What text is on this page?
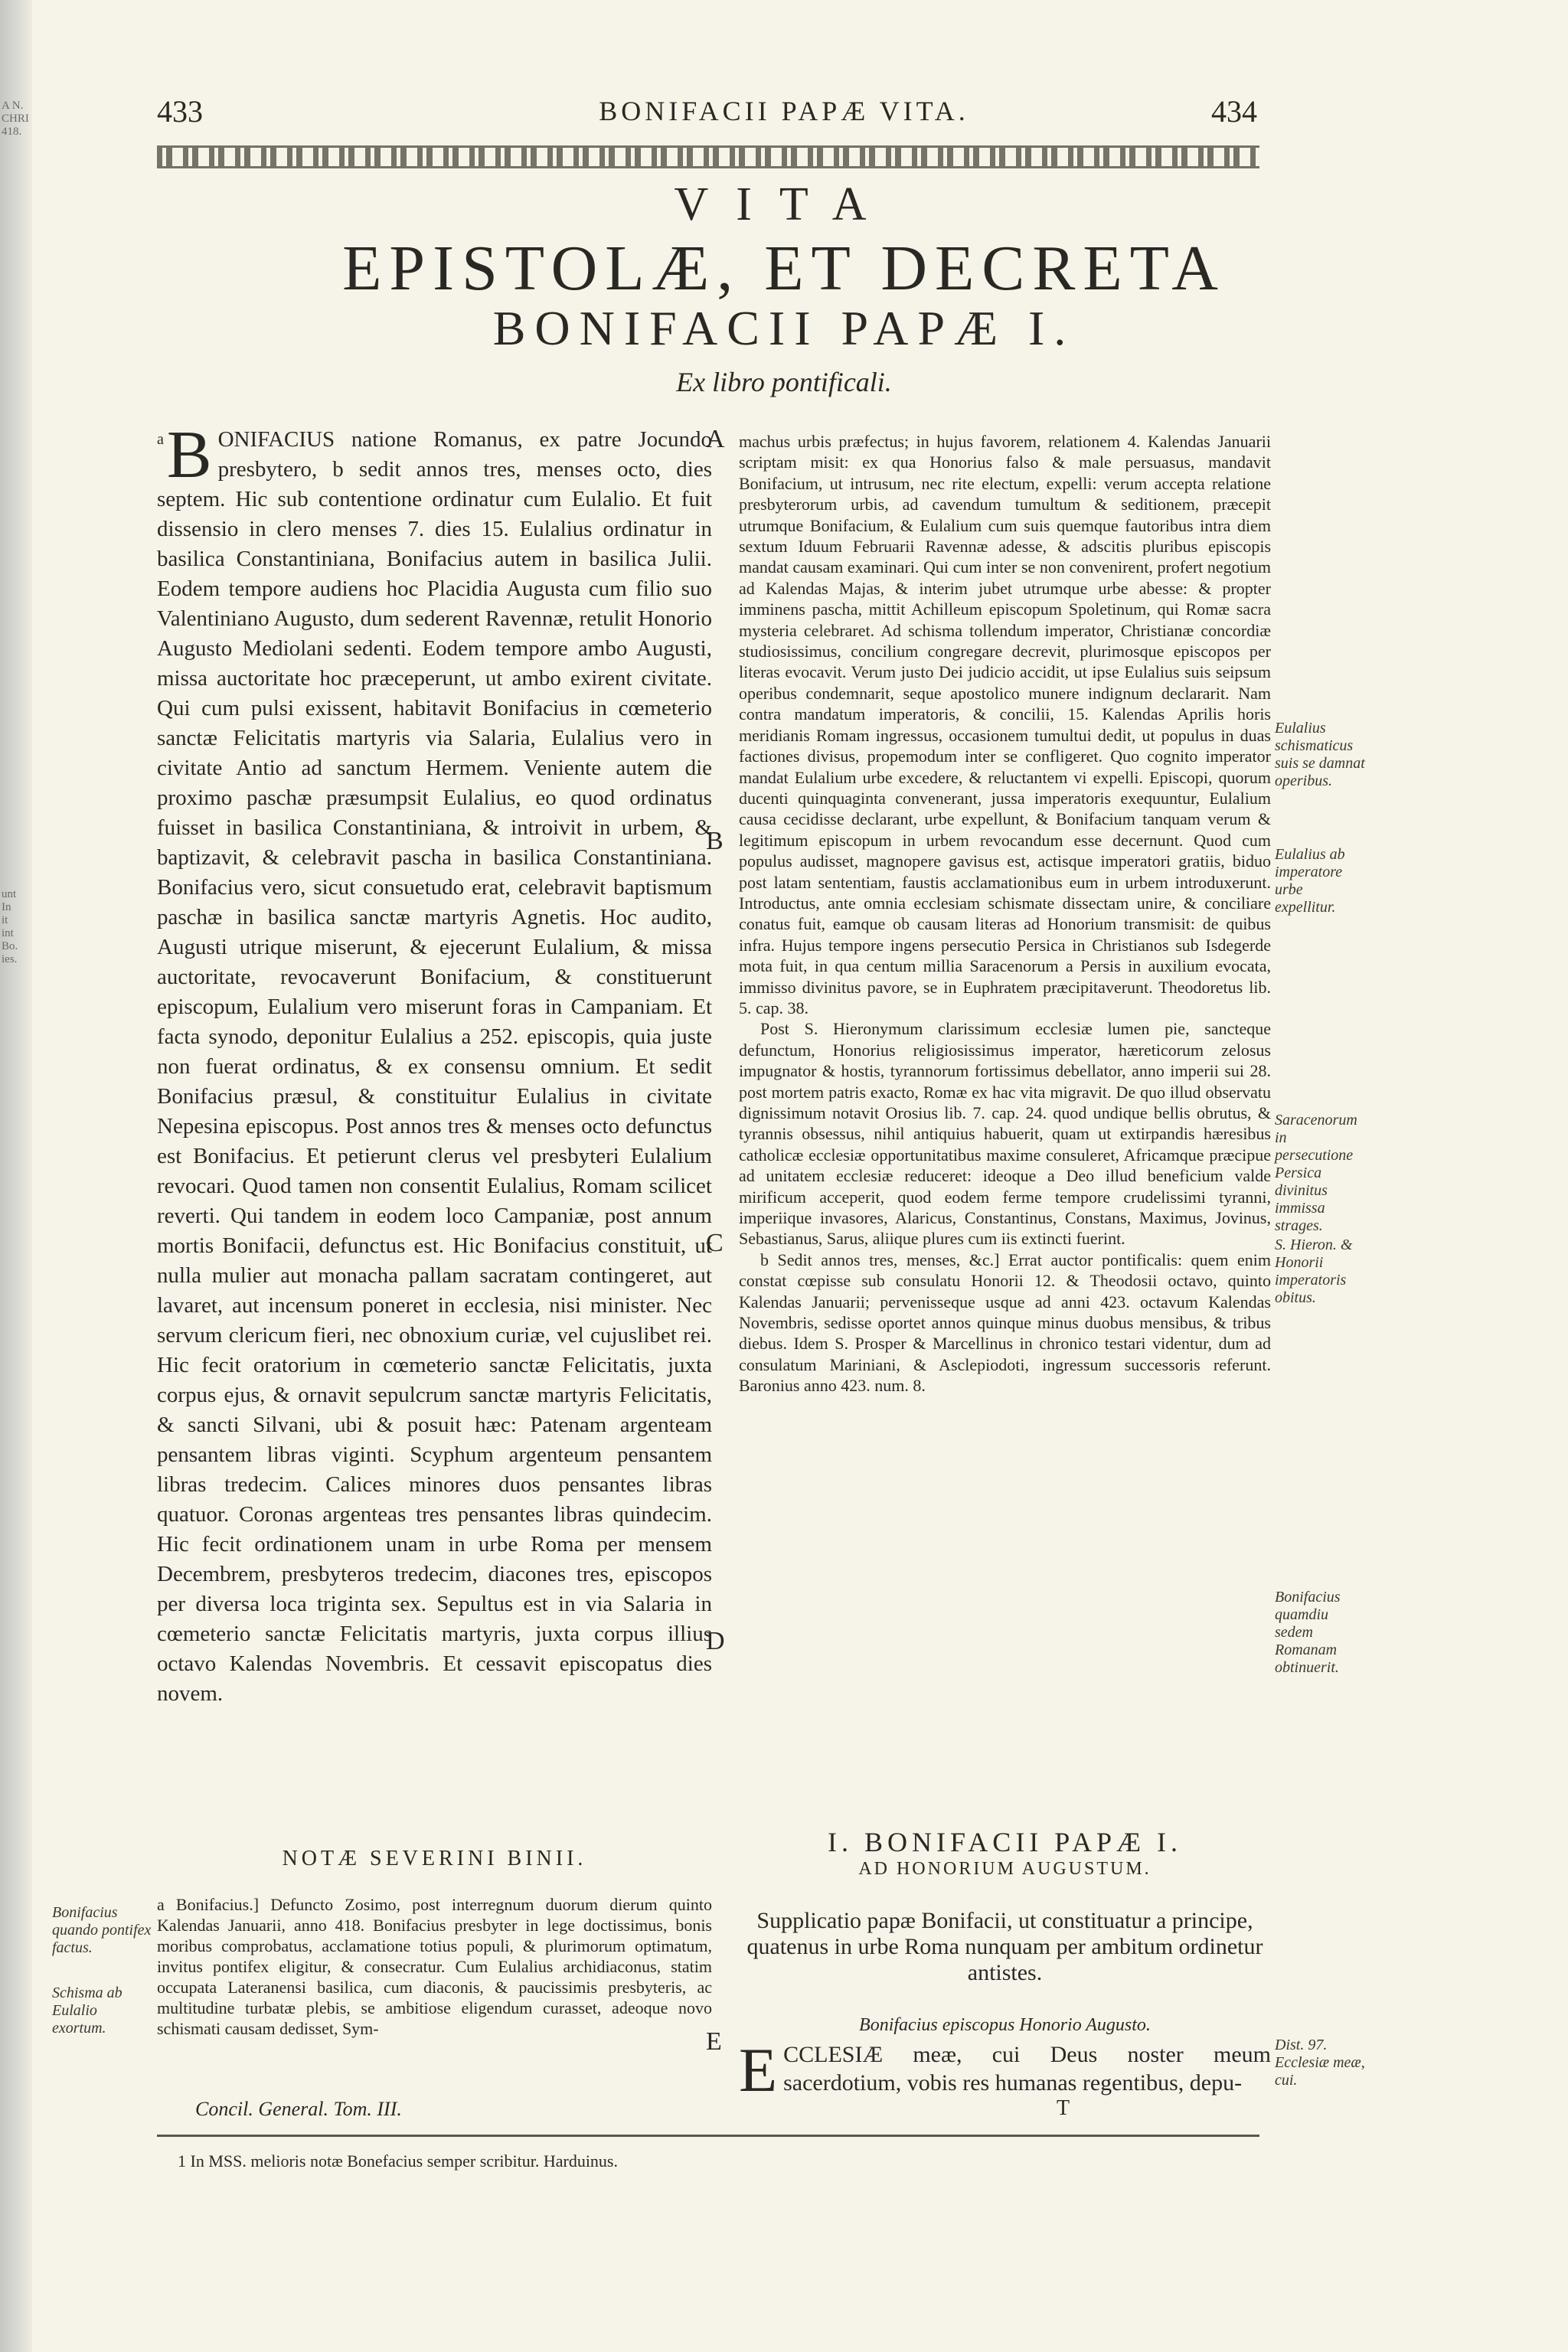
A N.
CHRI
418.
unt
In
it
int
Bo.
ies.
433	BONIFACII PAPÆ VITA.	434
VITA
EPISTOLÆ, ET DECRETA
BONIFACII PAPÆ I.
Ex libro pontificali.

a B ONIFACIUS natione Romanus, ex patre Jocundo presbytero, b sedit annos tres, menses octo, dies septem. Hic sub contentione ordinatur cum Eulalio. Et fuit dissensio in clero menses 7. dies 15. Eulalius ordinatur in basilica Constantiniana, Bonifacius autem in basilica Julii. Eodem tempore audiens hoc Placidia Augusta cum filio suo Valentiniano Augusto, dum sederent Ravennæ, retulit Honorio Augusto Mediolani sedenti. Eodem tempore ambo Augusti, missa auctoritate hoc præceperunt, ut ambo exirent civitate. Qui cum pulsi exissent, habitavit Bonifacius in cœmeterio sanctæ Felicitatis martyris via Salaria, Eulalius vero in civitate Antio ad sanctum Hermem. Veniente autem die proximo paschæ præsumpsit Eulalius, eo quod ordinatus fuisset in basilica Constantiniana, & introivit in urbem, & baptizavit, & celebravit pascha in basilica Constantiniana. Bonifacius vero, sicut consuetudo erat, celebravit baptismum paschæ in basilica sanctæ martyris Agnetis. Hoc audito, Augusti utrique miserunt, & ejecerunt Eulalium, & missa auctoritate, revocaverunt Bonifacium, & constituerunt episcopum, Eulalium vero miserunt foras in Campaniam. Et facta synodo, deponitur Eulalius a 252. episcopis, quia juste non fuerat ordinatus, & ex consensu omnium. Et sedit Bonifacius præsul, & constituitur Eulalius in civitate Nepesina episcopus. Post annos tres & menses octo defunctus est Bonifacius. Et petierunt clerus vel presbyteri Eulalium revocari. Quod tamen non consentit Eulalius, Romam scilicet reverti. Qui tandem in eodem loco Campaniæ, post annum mortis Bonifacii, defunctus est. Hic Bonifacius constituit, ut nulla mulier aut monacha pallam sacratam contingeret, aut lavaret, aut incensum poneret in ecclesia, nisi minister. Nec servum clericum fieri, nec obnoxium curiæ, vel cujuslibet rei. Hic fecit oratorium in cœmeterio sanctæ Felicitatis, juxta corpus ejus, & ornavit sepulcrum sanctæ martyris Felicitatis, & sancti Silvani, ubi & posuit hæc: Patenam argenteam pensantem libras viginti. Scyphum argenteum pensantem libras tredecim. Calices minores duos pensantes libras quatuor. Coronas argenteas tres pensantes libras quindecim. Hic fecit ordinationem unam in urbe Roma per mensem Decembrem, presbyteros tredecim, diacones tres, episcopos per diversa loca triginta sex. Sepultus est in via Salaria in cœmeterio sanctæ Felicitatis martyris, juxta corpus illius octavo Kalendas Novembris. Et cessavit episcopatus dies novem.

NOTÆ SEVERINI BINII.

a Bonifacius.] Defuncto Zosimo, post interregnum duorum dierum quinto Kalendas Januarii, anno 418. Bonifacius presbyter in lege doctissimus, bonis moribus comprobatus, acclamatione totius populi, & plurimorum optimatum, invitus pontifex eligitur, & consecratur. Cum Eulalius archidiaconus, statim occupata Lateranensi basilica, cum diaconis, & paucissimis presbyteris, ac multitudine turbatæ plebis, se ambitiose eligendum curasset, adeoque novo schismati causam dedisset, Sym-

machus urbis præfectus; in hujus favorem, relationem 4. Kalendas Januarii scriptam misit: ex qua Honorius falso & male persuasus, mandavit Bonifacium, ut intrusum, nec rite electum, expelli: verum accepta relatione presbyterorum urbis, ad cavendum tumultum & seditionem, præcepit utrumque Bonifacium, & Eulalium cum suis quemque fautoribus intra diem sextum Iduum Februarii Ravennæ adesse, & adscitis pluribus episcopis mandat causam examinari. Qui cum inter se non convenirent, profert negotium ad Kalendas Majas, & interim jubet utrumque urbe abesse: & propter imminens pascha, mittit Achilleum episcopum Spoletinum, qui Romæ sacra mysteria celebraret. Ad schisma tollendum imperator, Christianæ concordiæ studiosissimus, concilium congregare decrevit, plurimosque episcopos per literas evocavit. Verum justo Dei judicio accidit, ut ipse Eulalius suis seipsum operibus condemnarit, seque apostolico munere indignum declararit. Nam contra mandatum imperatoris, & concilii, 15. Kalendas Aprilis horis meridianis Romam ingressus, occasionem tumultui dedit, ut populus in duas factiones divisus, propemodum inter se confligeret. Quo cognito imperator mandat Eulalium urbe excedere, & reluctantem vi expelli. Episcopi, quorum ducenti quinquaginta convenerant, jussa imperatoris exequuntur, Eulalium causa cecidisse declarant, urbe expellunt, & Bonifacium tanquam verum & legitimum episcopum in urbem revocandum esse decernunt. Quod cum populus audisset, magnopere gavisus est, actisque imperatori gratiis, biduo post latam sententiam, faustis acclamationibus eum in urbem introduxerunt. Introductus, ante omnia ecclesiam schismate dissectam unire, & conciliare conatus fuit, eamque ob causam literas ad Honorium transmisit: de quibus infra. Hujus tempore ingens persecutio Persica in Christianos sub Isdegerde mota fuit, in qua centum millia Saracenorum a Persis in auxilium evocata, immisso divinitus pavore, se in Euphratem præcipitaverunt. Theodoretus lib. 5. cap. 38.

Post S. Hieronymum clarissimum ecclesiæ lumen pie, sancteque defunctum, Honorius religiosissimus imperator, hæreticorum zelosus impugnator & hostis, tyrannorum fortissimus debellator, anno imperii sui 28. post mortem patris exacto, Romæ ex hac vita migravit. De quo illud observatu dignissimum notavit Orosius lib. 7. cap. 24. quod undique bellis obrutus, & tyrannis obsessus, nihil antiquius habuerit, quam ut extirpandis hæresibus catholicæ ecclesiæ opportunitatibus maxime consuleret, Africamque præcipue ad unitatem ecclesiæ reduceret: ideoque a Deo illud beneficium valde mirificum acceperit, quod eodem ferme tempore crudelissimi tyranni, imperiique invasores, Alaricus, Constantinus, Constans, Maximus, Jovinus, Sebastianus, Sarus, aliique plures cum iis extincti fuerint.

b Sedit annos tres, menses, &c.] Errat auctor pontificalis: quem enim constat cœpisse sub consulatu Honorii 12. & Theodosii octavo, quinto Kalendas Januarii; pervenisseque usque ad anni 423. octavum Kalendas Novembris, sedisse oportet annos quinque minus duobus mensibus, & tribus diebus. Idem S. Prosper & Marcellinus in chronico testari videntur, dum ad consulatum Mariniani, & Asclepiodoti, ingressum successoris referunt. Baronius anno 423. num. 8.

A
B
C
D
E
Eulalius schismaticus suis se damnat operibus.
Eulalius ab imperatore urbe expellitur.
Saracenorum in persecutione Persica divinitus immissa strages.
S. Hieron. & Honorii imperatoris obitus.
Bonifacius quamdiu sedem Romanam obtinuerit.
Bonifacius quando pontifex factus.
Schisma ab Eulalio exortum.
Dist. 97. Ecclesiæ meæ, cui.
I. BONIFACII PAPÆ I.
AD HONORIUM AUGUSTUM.
Supplicatio papæ Bonifacii, ut constituatur a principe, quatenus in urbe Roma nunquam per ambitum ordinetur antistes.
Bonifacius episcopus Honorio Augusto.
E CCLESIÆ meæ, cui Deus noster meum sacerdotium, vobis res humanas regentibus, depu-
Concil. General. Tom. III.	T
1 In MSS. melioris notæ Bonefacius semper scribitur. Harduinus.
